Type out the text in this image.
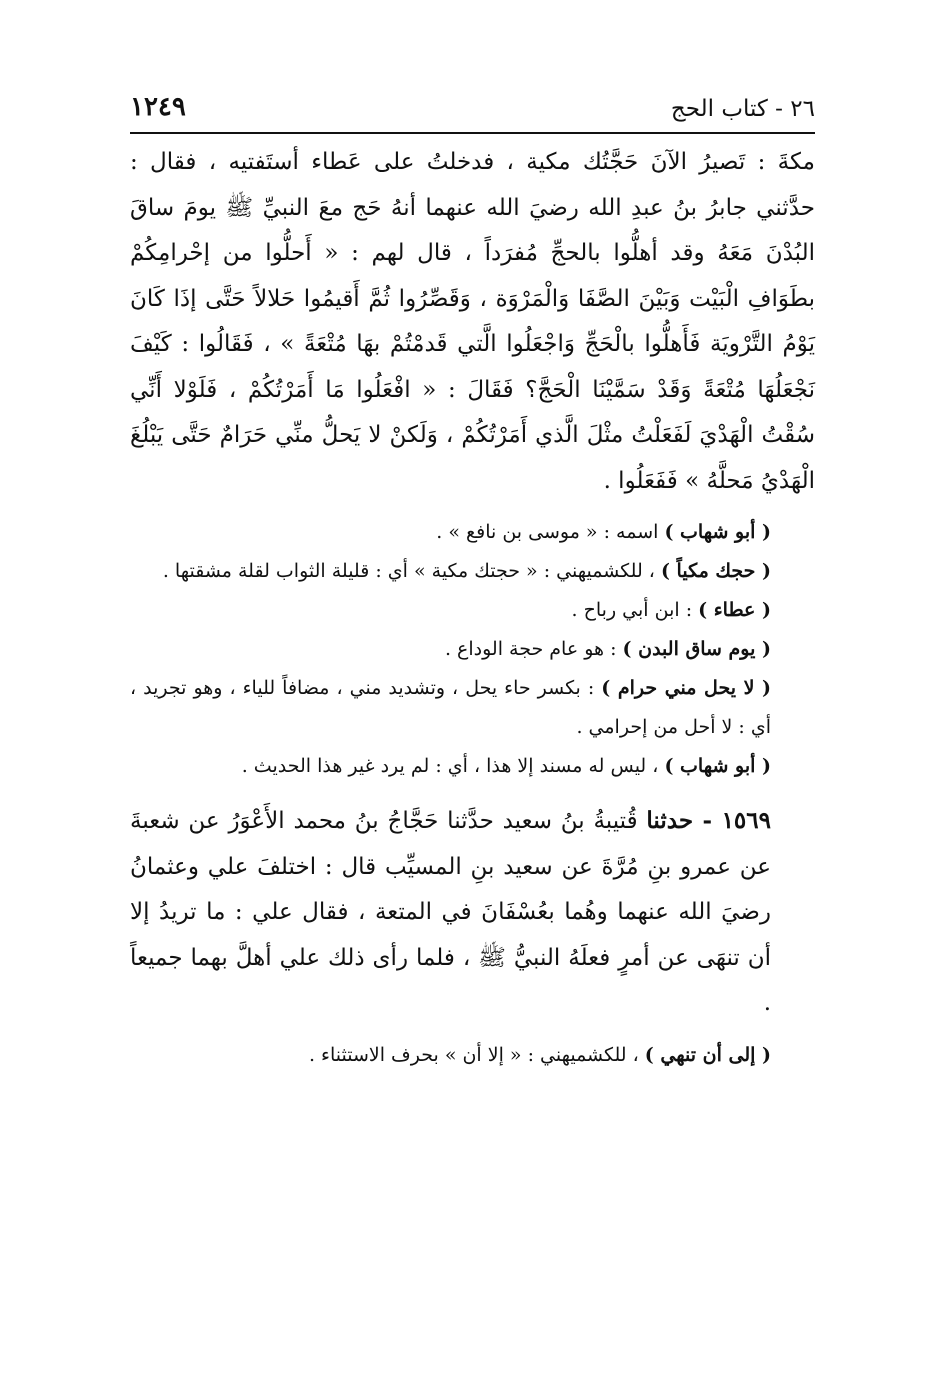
١٢٤٩	٢٦ - كتاب الحج

مكةَ : تَصيرُ الآنَ حَجَّتُك مكية ، فدخلتُ على عَطاء أستَفتيه ، فقال : حدَّثني جابرُ بنُ عبدِ الله رضيَ الله عنهما أنهُ حَج معَ النبيِّ ﷺ يومَ ساقَ البُدْنَ مَعَهُ وقد أهلُّوا بالحجِّ مُفرَداً ، قال لهم : « أَحلُّوا من إحْرامِكُمْ بطَوَافِ الْبَيْت وَبَيْنَ الصَّفَا وَالْمَرْوَة ، وَقَصِّرُوا ثُمَّ أَقيمُوا حَلالاً حَتَّى إذَا كَانَ يَوْمُ التَّرْويَة فَأَهلُّوا بالْحَجِّ وَاجْعَلُوا الَّتي قَدمْتُمْ بهَا مُتْعَةً » ، فَقَالُوا : كَيْفَ نَجْعَلُهَا مُتْعَةً وَقَدْ سَمَّيْنَا الْحَجَّ؟ فَقَالَ : « افْعَلُوا مَا أَمَرْتُكُمْ ، فَلَوْلا أَنِّي سُقْتُ الْهَدْيَ لَفَعَلْتُ مثْلَ الَّذي أَمَرْتُكُمْ ، وَلَكنْ لا يَحلُّ منِّي حَرَامٌ حَتَّى يَبْلُغَ الْهَدْيُ مَحلَّهُ » فَفَعَلُوا .

( أبو شهاب ) اسمه : « موسى بن نافع » .

( حجك مكياً ) ، للكشميهني : « حجتك مكية » أي : قليلة الثواب لقلة مشقتها .

( عطاء ) : ابن أبي رباح .

( يوم ساق البدن ) : هو عام حجة الوداع .

( لا يحل مني حرام ) : بكسر حاء يحل ، وتشديد مني ، مضافاً للياء ، وهو تجريد ، أي : لا أحل من إحرامي .

( أبو شهاب ) ، ليس له مسند إلا هذا ، أي : لم يرد غير هذا الحديث .

١٥٦٩ - حدثنا قُتيبةُ بنُ سعيد حدَّثنا حَجَّاجُ بنُ محمد الأَعْوَرُ عن شعبةَ عن عمرو بنِ مُرَّةَ عن سعيد بنِ المسيِّب قال : اختلفَ علي وعثمانُ رضيَ الله عنهما وهُما بعُسْفَانَ في المتعة ، فقال علي : ما تريدُ إلا أن تنهَى عن أمرٍ فعلَهُ النبيُّ ﷺ ، فلما رأى ذلك علي أهلَّ بهما جميعاً .

( إلى أن تنهي ) ، للكشميهني : « إلا أن » بحرف الاستثناء .
